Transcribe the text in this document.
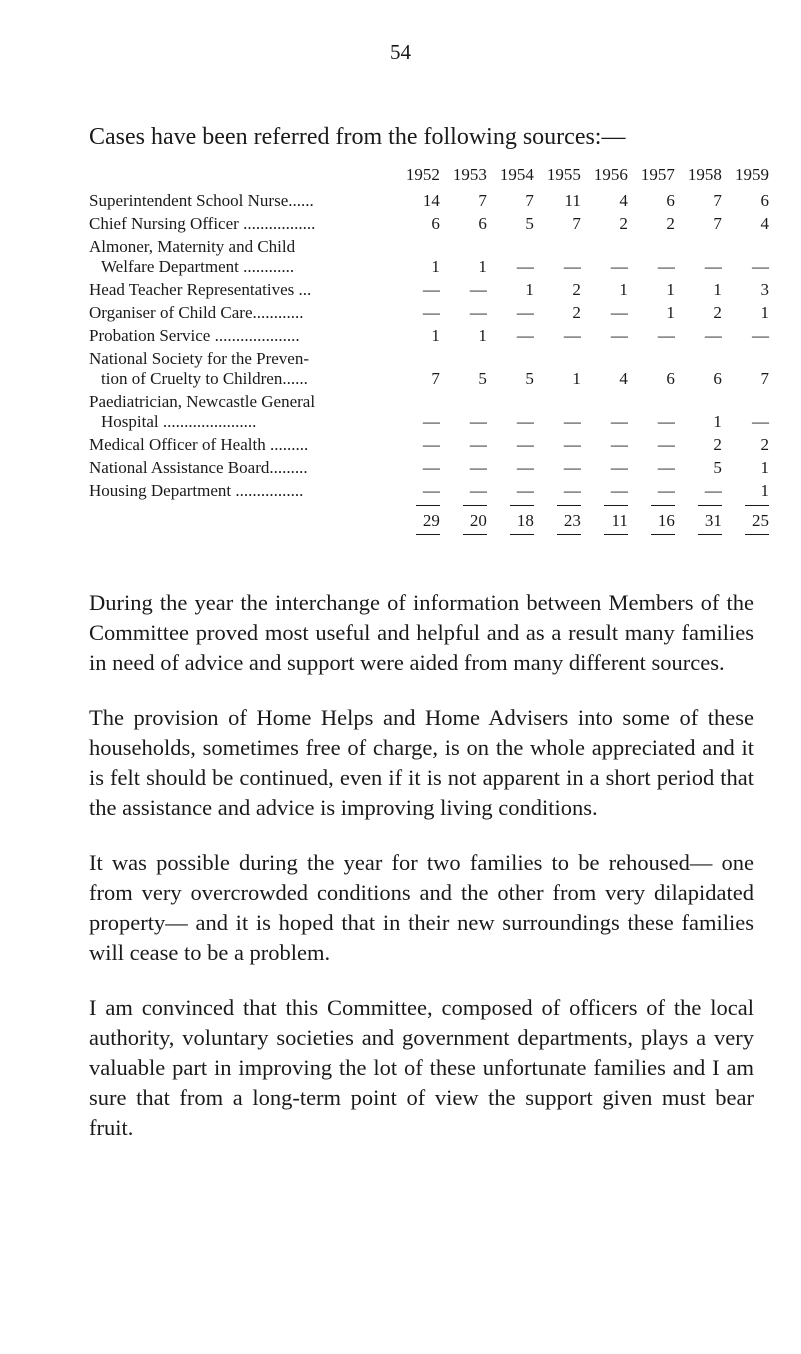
54
Cases have been referred from the following sources:—
	1952	1953	1954	1955	1956	1957	1958	1959

Superintendent School Nurse......	14	7	7	11	4	6	7	6

Chief Nursing Officer .................	6	6	5	7	2	2	7	4

Almoner, Maternity and Child
Welfare Department ............	1	1	—	—	—	—	—	—

Head Teacher Representatives ...	—	—	1	2	1	1	1	3

Organiser of Child Care............	—	—	—	2	—	1	2	1

Probation Service ....................	1	1	—	—	—	—	—	—

National Society for the Preven-
tion of Cruelty to Children......	7	5	5	1	4	6	6	7

Paediatrician, Newcastle General
Hospital ......................	—	—	—	—	—	—	1	—

Medical Officer of Health .........	—	—	—	—	—	—	2	2

National Assistance Board.........	—	—	—	—	—	—	5	1

Housing Department ................	—	—	—	—	—	—	—	1
	29	20	18	23	11	16	31	25

During the year the interchange of information between Members of the Committee proved most useful and helpful and as a result many families in need of advice and support were aided from many different sources.

The provision of Home Helps and Home Advisers into some of these households, sometimes free of charge, is on the whole appreciated and it is felt should be continued, even if it is not apparent in a short period that the assistance and advice is improving living conditions.

It was possible during the year for two families to be rehoused— one from very overcrowded conditions and the other from very dilapidated property— and it is hoped that in their new surroundings these families will cease to be a problem.

I am convinced that this Committee, composed of officers of the local authority, voluntary societies and government departments, plays a very valuable part in improving the lot of these unfortunate families and I am sure that from a long-term point of view the support given must bear fruit.
